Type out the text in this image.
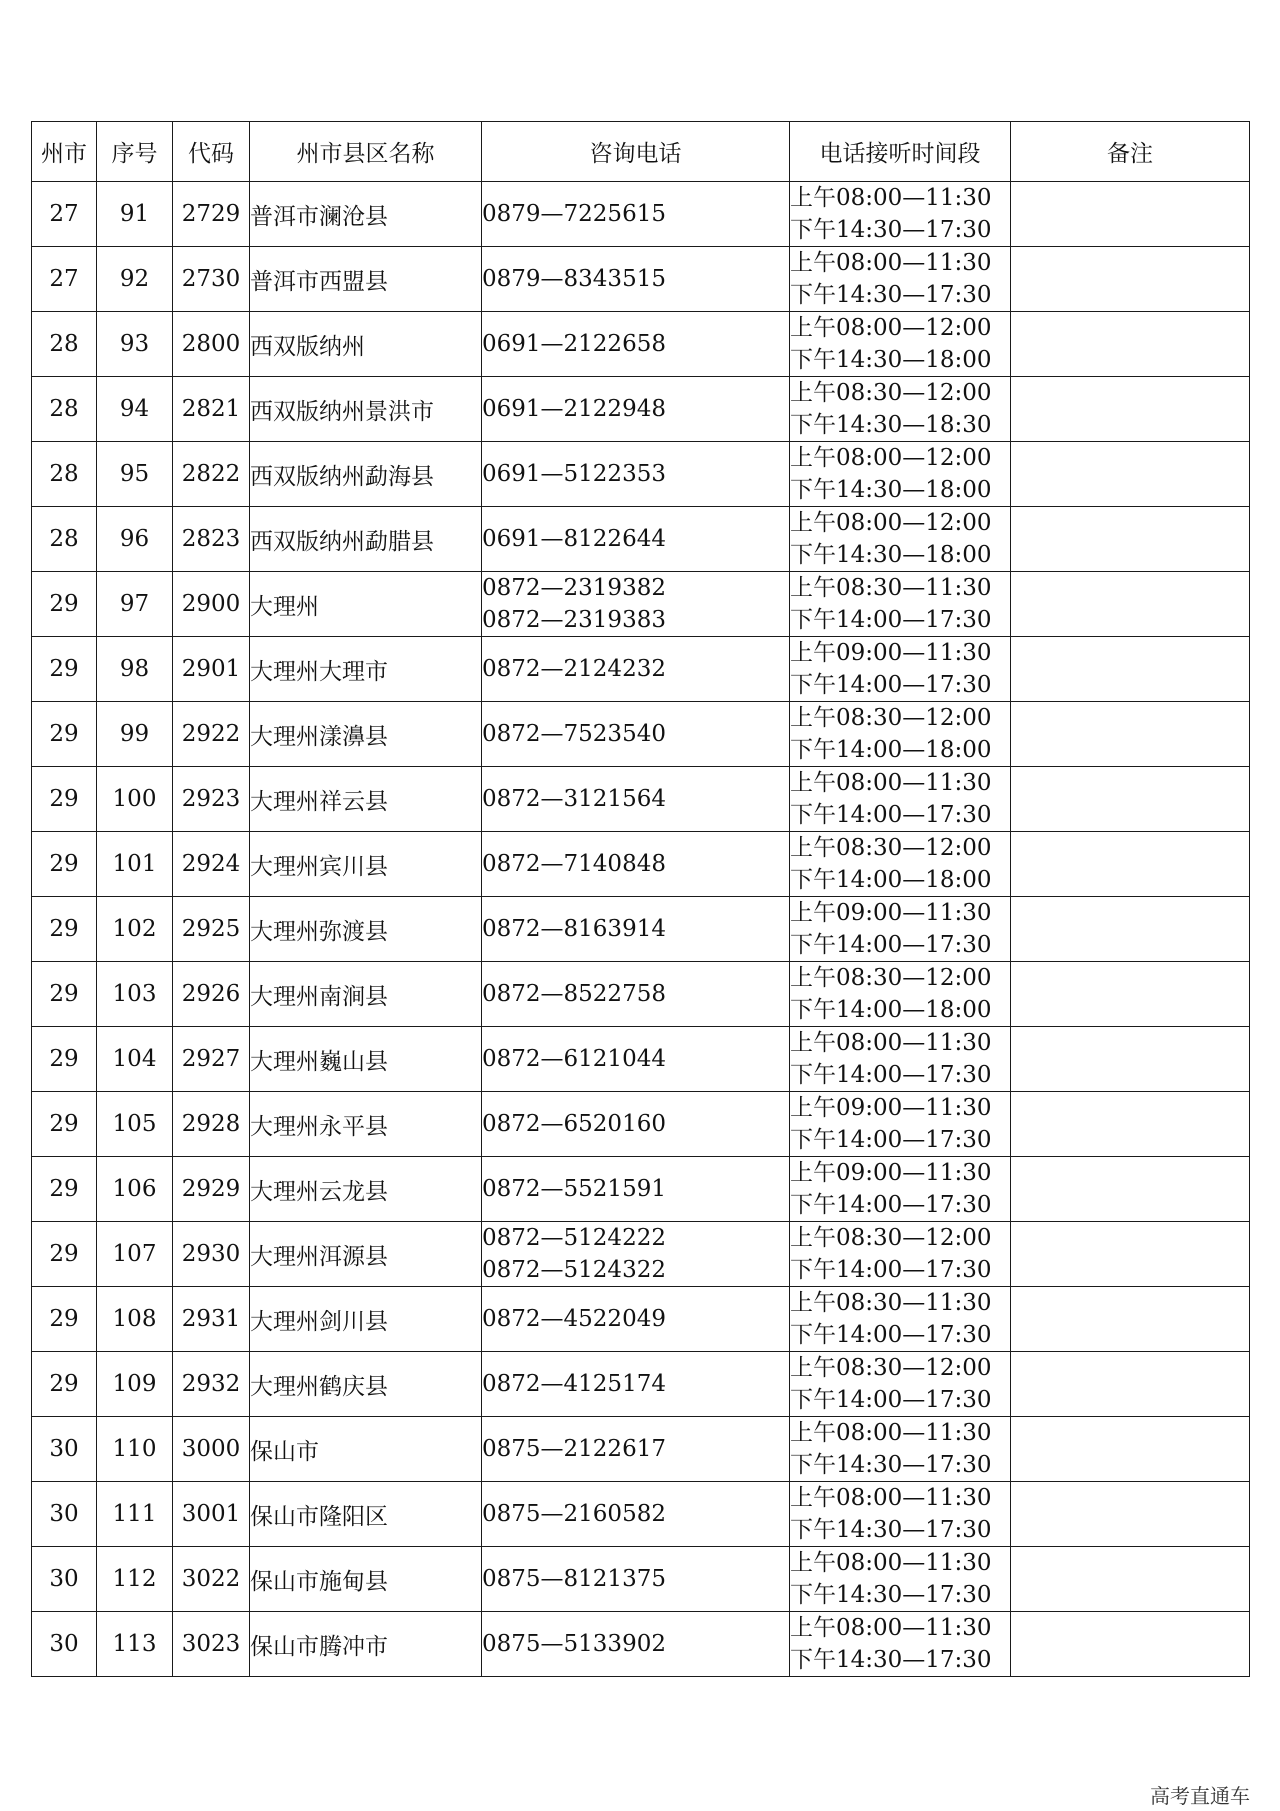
州市	序号	代码	州市县区名称	咨询电话	电话接听时间段	备注
27	91	2729	普洱市澜沧县	0879—7225615	上午08:00—11:30
下午14:30—17:30	

27	92	2730	普洱市西盟县	0879—8343515	上午08:00—11:30
下午14:30—17:30	

28	93	2800	西双版纳州	0691—2122658	上午08:00—12:00
下午14:30—18:00	

28	94	2821	西双版纳州景洪市	0691—2122948	上午08:30—12:00
下午14:30—18:30	

28	95	2822	西双版纳州勐海县	0691—5122353	上午08:00—12:00
下午14:30—18:00	

28	96	2823	西双版纳州勐腊县	0691—8122644	上午08:00—12:00
下午14:30—18:00	

29	97	2900	大理州	0872—2319382
0872—2319383	上午08:30—11:30
下午14:00—17:30	

29	98	2901	大理州大理市	0872—2124232	上午09:00—11:30
下午14:00—17:30	

29	99	2922	大理州漾濞县	0872—7523540	上午08:30—12:00
下午14:00—18:00	

29	100	2923	大理州祥云县	0872—3121564	上午08:00—11:30
下午14:00—17:30	

29	101	2924	大理州宾川县	0872—7140848	上午08:30—12:00
下午14:00—18:00	

29	102	2925	大理州弥渡县	0872—8163914	上午09:00—11:30
下午14:00—17:30	

29	103	2926	大理州南涧县	0872—8522758	上午08:30—12:00
下午14:00—18:00	

29	104	2927	大理州巍山县	0872—6121044	上午08:00—11:30
下午14:00—17:30	

29	105	2928	大理州永平县	0872—6520160	上午09:00—11:30
下午14:00—17:30	

29	106	2929	大理州云龙县	0872—5521591	上午09:00—11:30
下午14:00—17:30	

29	107	2930	大理州洱源县	0872—5124222
0872—5124322	上午08:30—12:00
下午14:00—17:30	

29	108	2931	大理州剑川县	0872—4522049	上午08:30—11:30
下午14:00—17:30	

29	109	2932	大理州鹤庆县	0872—4125174	上午08:30—12:00
下午14:00—17:30	

30	110	3000	保山市	0875—2122617	上午08:00—11:30
下午14:30—17:30	

30	111	3001	保山市隆阳区	0875—2160582	上午08:00—11:30
下午14:30—17:30	

30	112	3022	保山市施甸县	0875—8121375	上午08:00—11:30
下午14:30—17:30	

30	113	3023	保山市腾冲市	0875—5133902	上午08:00—11:30
下午14:30—17:30	

高考直通车
